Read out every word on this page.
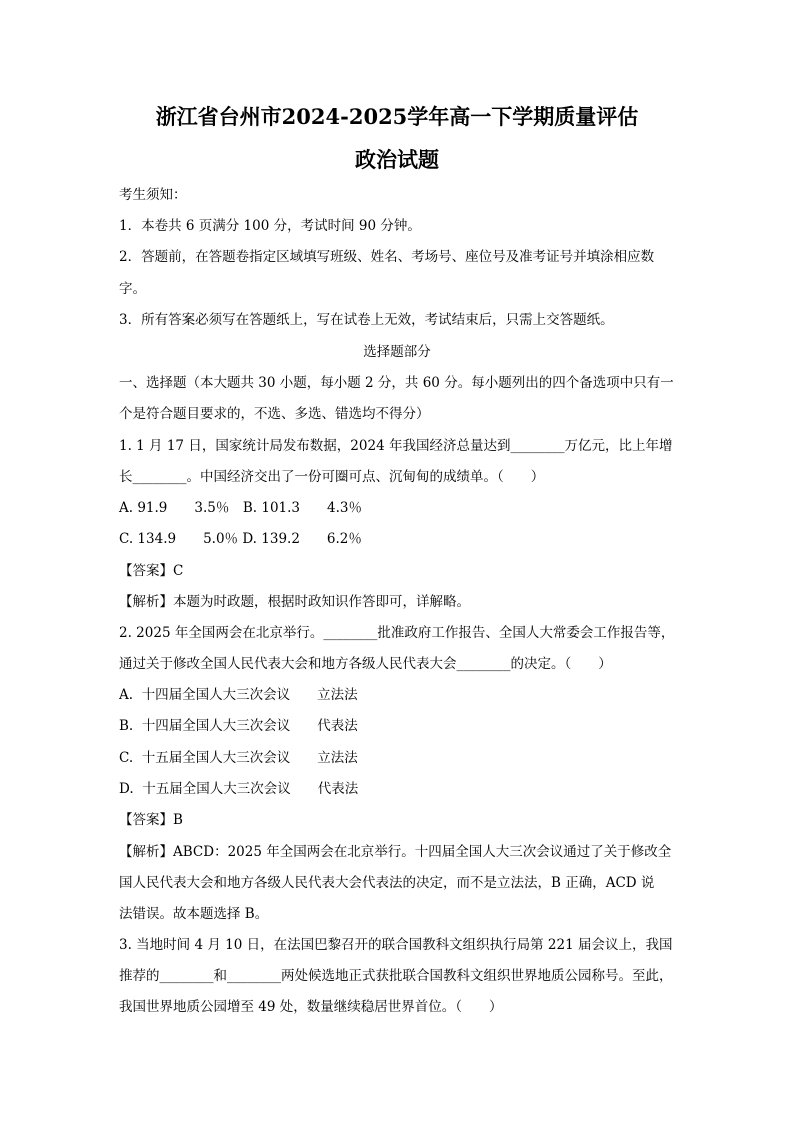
浙江省台州市2024-2025学年高一下学期质量评估
政治试题
考生须知：
1．本卷共 6 页满分 100 分，考试时间 90 分钟。
2．答题前，在答题卷指定区域填写班级、姓名、考场号、座位号及准考证号并填涂相应数
字。
3．所有答案必须写在答题纸上，写在试卷上无效，考试结束后，只需上交答题纸。
选择题部分
一、选择题（本大题共 30 小题，每小题 2 分，共 60 分。每小题列出的四个备选项中只有一
个是符合题目要求的，不选、多选、错选均不得分）
1. 1 月 17 日，国家统计局发布数据，2024 年我国经济总量达到________万亿元，比上年增
长________。中国经济交出了一份可圈可点、沉甸甸的成绩单。（　　）
A. 91.9　　3.5％　B. 101.3　　4.3％
C. 134.9　　5.0％ D. 139.2　　6.2％
【答案】C
【解析】本题为时政题，根据时政知识作答即可，详解略。
2. 2025 年全国两会在北京举行。________批准政府工作报告、全国人大常委会工作报告等，
通过关于修改全国人民代表大会和地方各级人民代表大会________的决定。（　　）
A.  十四届全国人大三次会议　　立法法
B.  十四届全国人大三次会议　　代表法
C.  十五届全国人大三次会议　　立法法
D.  十五届全国人大三次会议　　代表法
【答案】B
【解析】ABCD：2025 年全国两会在北京举行。十四届全国人大三次会议通过了关于修改全
国人民代表大会和地方各级人民代表大会代表法的决定，而不是立法法，B 正确，ACD 说
法错误。故本题选择 B。
3. 当地时间 4 月 10 日，在法国巴黎召开的联合国教科文组织执行局第 221 届会议上，我国
推荐的________和________两处候选地正式获批联合国教科文组织世界地质公园称号。至此，
我国世界地质公园增至 49 处，数量继续稳居世界首位。（　　）
